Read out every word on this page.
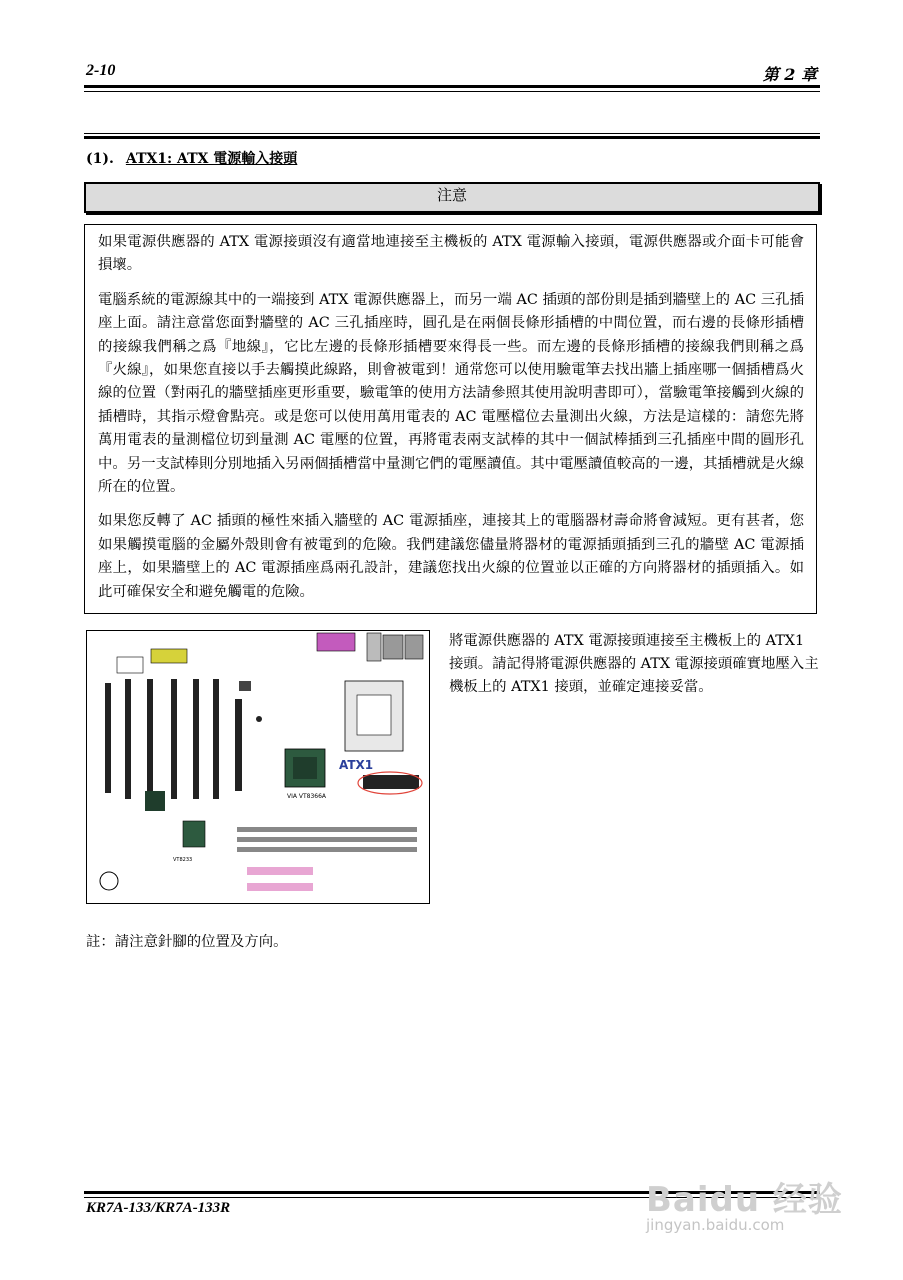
2-10	第 2 章
(1). ATX1: ATX 電源輸入接頭
注意

如果電源供應器的 ATX 電源接頭沒有適當地連接至主機板的 ATX 電源輸入接頭，電源供應器或介面卡可能會損壞。

電腦系統的電源線其中的一端接到 ATX 電源供應器上，而另一端 AC 插頭的部份則是插到牆壁上的 AC 三孔插座上面。請注意當您面對牆壁的 AC 三孔插座時，圓孔是在兩個長條形插槽的中間位置，而右邊的長條形插槽的接線我們稱之爲『地線』，它比左邊的長條形插槽要來得長一些。而左邊的長條形插槽的接線我們則稱之爲『火線』，如果您直接以手去觸摸此線路，則會被電到！通常您可以使用驗電筆去找出牆上插座哪一個插槽爲火線的位置（對兩孔的牆壁插座更形重要，驗電筆的使用方法請參照其使用說明書即可），當驗電筆接觸到火線的插槽時，其指示燈會點亮。或是您可以使用萬用電表的 AC 電壓檔位去量測出火線，方法是這樣的：請您先將萬用電表的量測檔位切到量測 AC 電壓的位置，再將電表兩支試棒的其中一個試棒插到三孔插座中間的圓形孔中。另一支試棒則分別地插入另兩個插槽當中量測它們的電壓讀值。其中電壓讀值較高的一邊，其插槽就是火線所在的位置。

如果您反轉了 AC 插頭的極性來插入牆壁的 AC 電源插座，連接其上的電腦器材壽命將會減短。更有甚者，您如果觸摸電腦的金屬外殼則會有被電到的危險。我們建議您儘量將器材的電源插頭插到三孔的牆壁 AC 電源插座上，如果牆壁上的 AC 電源插座爲兩孔設計，建議您找出火線的位置並以正確的方向將器材的插頭插入。如此可確保安全和避免觸電的危險。

VIA VT8366A
ATX1
VT8233

將電源供應器的 ATX 電源接頭連接至主機板上的 ATX1 接頭。請記得將電源供應器的 ATX 電源接頭確實地壓入主機板上的 ATX1 接頭，並確定連接妥當。

註：請注意針腳的位置及方向。
KR7A-133/KR7A-133R	Baidu 经验
jingyan.baidu.com
